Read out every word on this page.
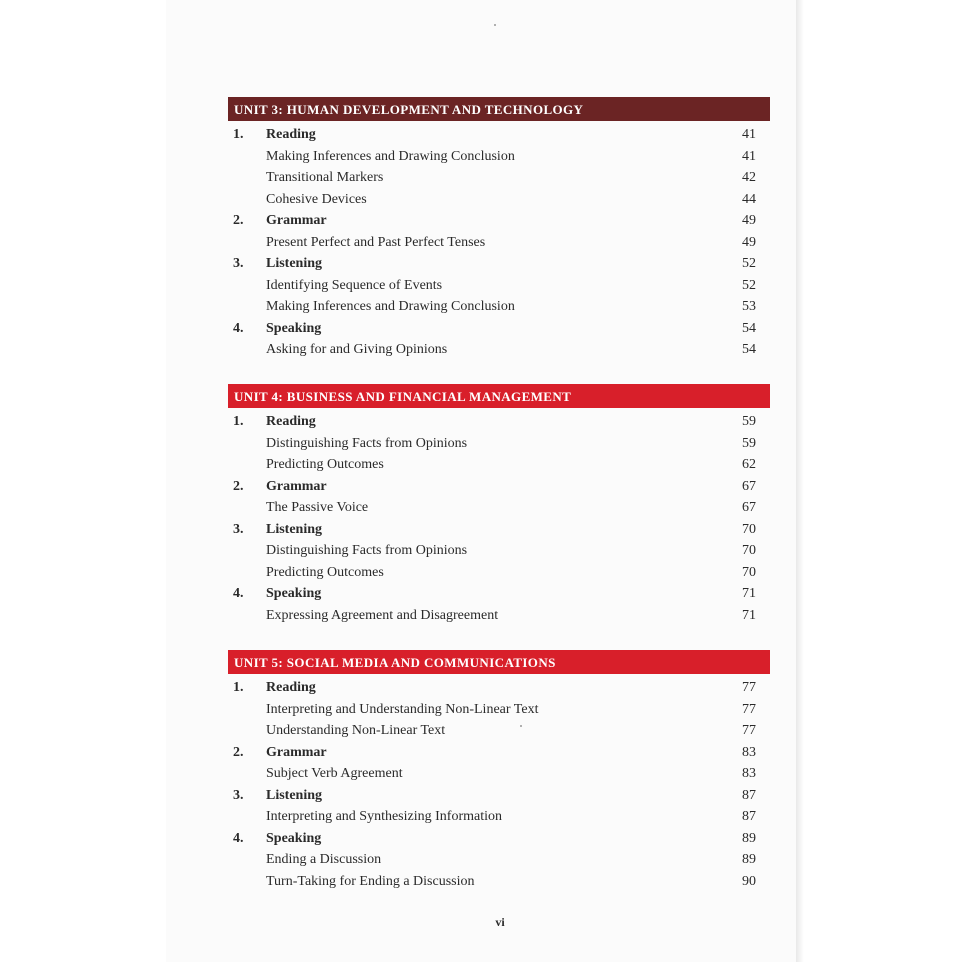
UNIT 3: HUMAN DEVELOPMENT AND TECHNOLOGY
1. Reading	41
Making Inferences and Drawing Conclusion	41
Transitional Markers	42
Cohesive Devices	44
2. Grammar	49
Present Perfect and Past Perfect Tenses	49
3. Listening	52
Identifying Sequence of Events	52
Making Inferences and Drawing Conclusion	53
4. Speaking	54
Asking for and Giving Opinions	54
UNIT 4: BUSINESS AND FINANCIAL MANAGEMENT
1. Reading	59
Distinguishing Facts from Opinions	59
Predicting Outcomes	62
2. Grammar	67
The Passive Voice	67
3. Listening	70
Distinguishing Facts from Opinions	70
Predicting Outcomes	70
4. Speaking	71
Expressing Agreement and Disagreement	71
UNIT 5: SOCIAL MEDIA AND COMMUNICATIONS
1. Reading	77
Interpreting and Understanding Non-Linear Text	77
Understanding Non-Linear Text	77
2. Grammar	83
Subject Verb Agreement	83
3. Listening	87
Interpreting and Synthesizing Information	87
4. Speaking	89
Ending a Discussion	89
Turn-Taking for Ending a Discussion	90
vi
